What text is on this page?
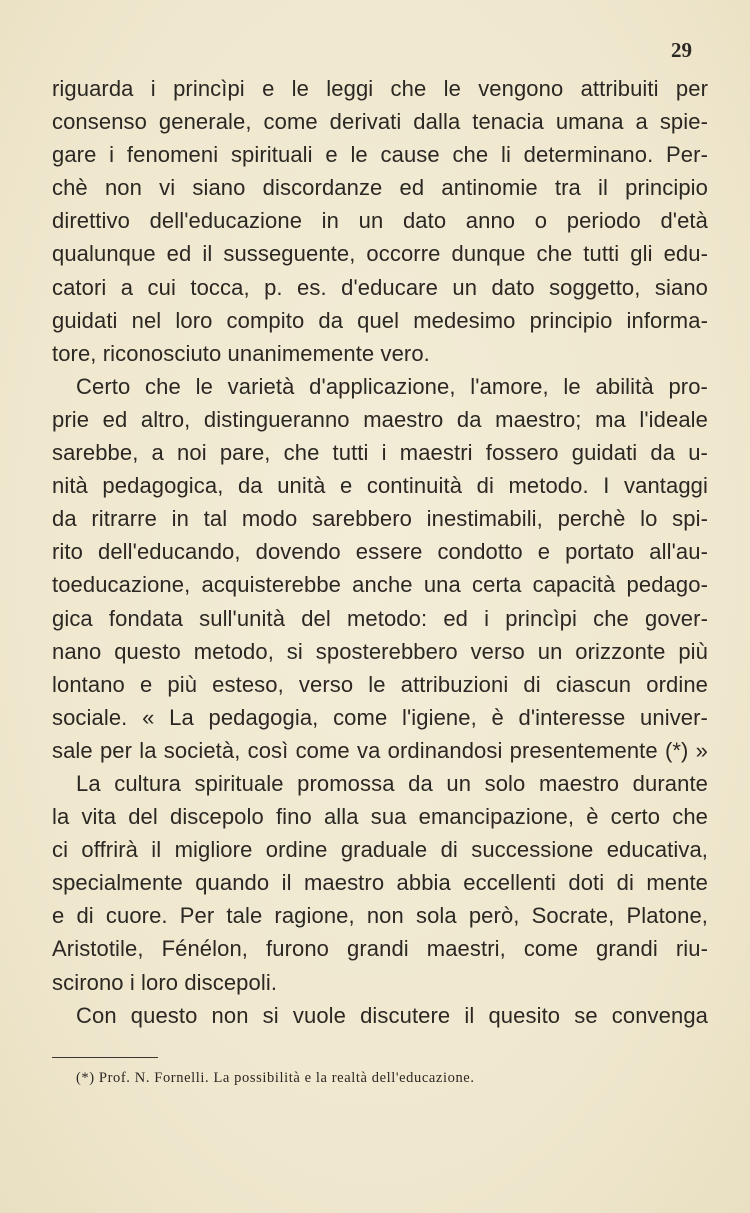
29
riguarda i princìpi e le leggi che le vengono attribuiti per
consenso generale, come derivati dalla tenacia umana a spie-
gare i fenomeni spirituali e le cause che li determinano. Per-
chè non vi siano discordanze ed antinomie tra il principio
direttivo dell'educazione in un dato anno o periodo d'età
qualunque ed il susseguente, occorre dunque che tutti gli edu-
catori a cui tocca, p. es. d'educare un dato soggetto, siano
guidati nel loro compito da quel medesimo principio informa-
tore, riconosciuto unanimemente vero.
Certo che le varietà d'applicazione, l'amore, le abilità pro-
prie ed altro, distingueranno maestro da maestro; ma l'ideale
sarebbe, a noi pare, che tutti i maestri fossero guidati da u-
nità pedagogica, da unità e continuità di metodo. I vantaggi
da ritrarre in tal modo sarebbero inestimabili, perchè lo spi-
rito dell'educando, dovendo essere condotto e portato all'au-
toeducazione, acquisterebbe anche una certa capacità pedago-
gica fondata sull'unità del metodo: ed i princìpi che gover-
nano questo metodo, si sposterebbero verso un orizzonte più
lontano e più esteso, verso le attribuzioni di ciascun ordine
sociale. « La pedagogia, come l'igiene, è d'interesse univer-
sale per la società, così come va ordinandosi presentemente (*) »
La cultura spirituale promossa da un solo maestro durante
la vita del discepolo fino alla sua emancipazione, è certo che
ci offrirà il migliore ordine graduale di successione educativa,
specialmente quando il maestro abbia eccellenti doti di mente
e di cuore. Per tale ragione, non sola però, Socrate, Platone,
Aristotile, Fénélon, furono grandi maestri, come grandi riu-
scirono i loro discepoli.
Con questo non si vuole discutere il quesito se convenga
(*) Prof. N. Fornelli. La possibilità e la realtà dell'educazione.
